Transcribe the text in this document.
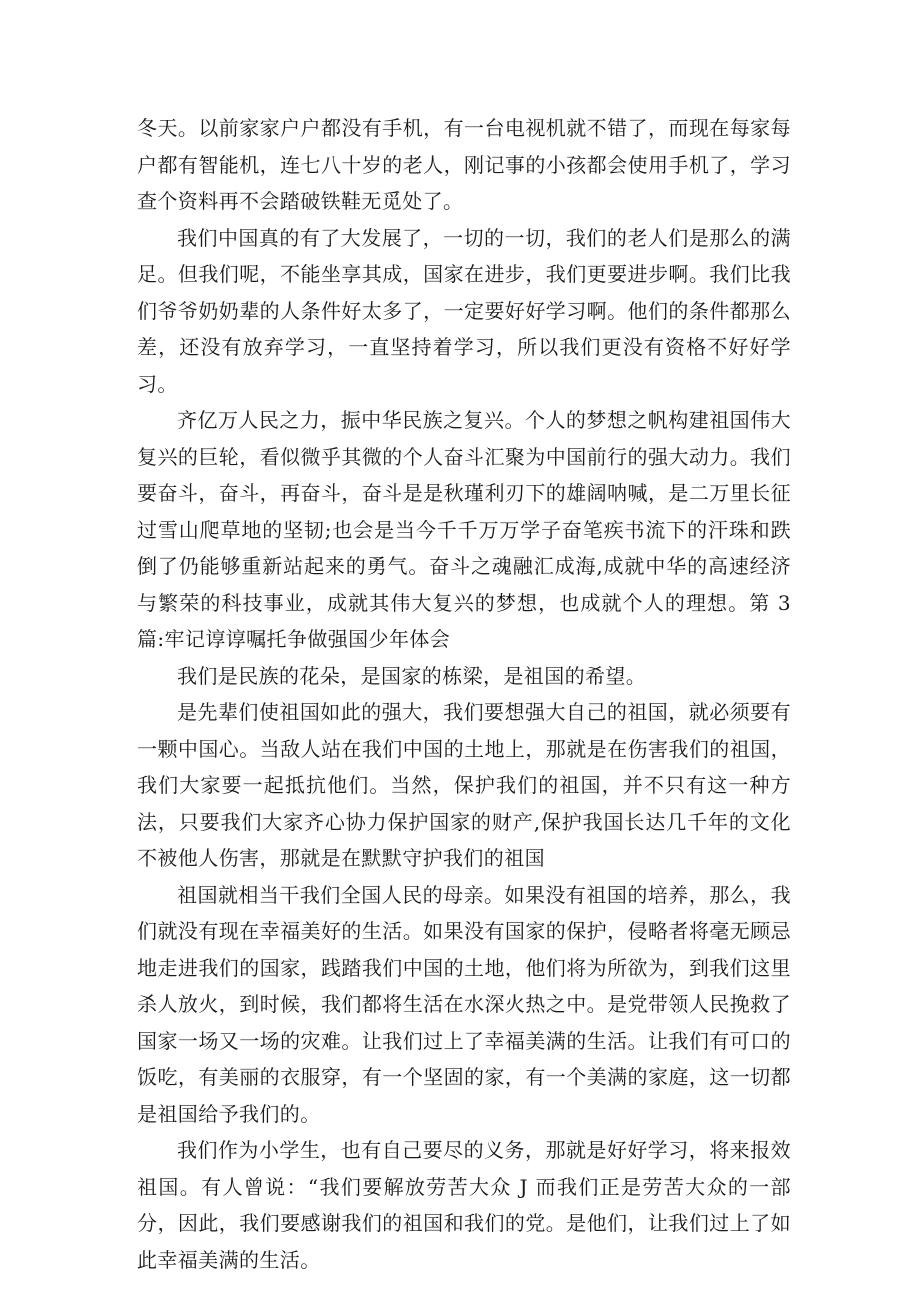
冬天。以前家家户户都没有手机，有一台电视机就不错了，而现在每家每户都有智能机，连七八十岁的老人，刚记事的小孩都会使用手机了，学习查个资料再不会踏破铁鞋无觅处了。

我们中国真的有了大发展了，一切的一切，我们的老人们是那么的满足。但我们呢，不能坐享其成，国家在进步，我们更要进步啊。我们比我们爷爷奶奶辈的人条件好太多了，一定要好好学习啊。他们的条件都那么差，还没有放弃学习，一直坚持着学习，所以我们更没有资格不好好学习。

齐亿万人民之力，振中华民族之复兴。个人的梦想之帆构建祖国伟大复兴的巨轮，看似微乎其微的个人奋斗汇聚为中国前行的强大动力。我们要奋斗，奋斗，再奋斗，奋斗是是秋瑾利刃下的雄阔呐喊，是二万里长征过雪山爬草地的坚韧;也会是当今千千万万学子奋笔疾书流下的汗珠和跌倒了仍能够重新站起来的勇气。奋斗之魂融汇成海,成就中华的高速经济与繁荣的科技事业，成就其伟大复兴的梦想，也成就个人的理想。第 3 篇:牢记谆谆嘱托争做强国少年体会

我们是民族的花朵，是国家的栋梁，是祖国的希望。

是先辈们使祖国如此的强大，我们要想强大自己的祖国，就必须要有一颗中国心。当敌人站在我们中国的土地上，那就是在伤害我们的祖国，我们大家要一起抵抗他们。当然，保护我们的祖国，并不只有这一种方法，只要我们大家齐心协力保护国家的财产,保护我国长达几千年的文化不被他人伤害，那就是在默默守护我们的祖国

祖国就相当干我们全国人民的母亲。如果没有祖国的培养，那么，我们就没有现在幸福美好的生活。如果没有国家的保护，侵略者将毫无顾忌地走进我们的国家，践踏我们中国的土地，他们将为所欲为，到我们这里杀人放火，到时候，我们都将生活在水深火热之中。是党带领人民挽救了国家一场又一场的灾难。让我们过上了幸福美满的生活。让我们有可口的饭吃，有美丽的衣服穿，有一个坚固的家，有一个美满的家庭，这一切都是祖国给予我们的。

我们作为小学生，也有自己要尽的义务，那就是好好学习，将来报效祖国。有人曾说：“我们要解放劳苦大众 J 而我们正是劳苦大众的一部分，因此，我们要感谢我们的祖国和我们的党。是他们，让我们过上了如此幸福美满的生活。
